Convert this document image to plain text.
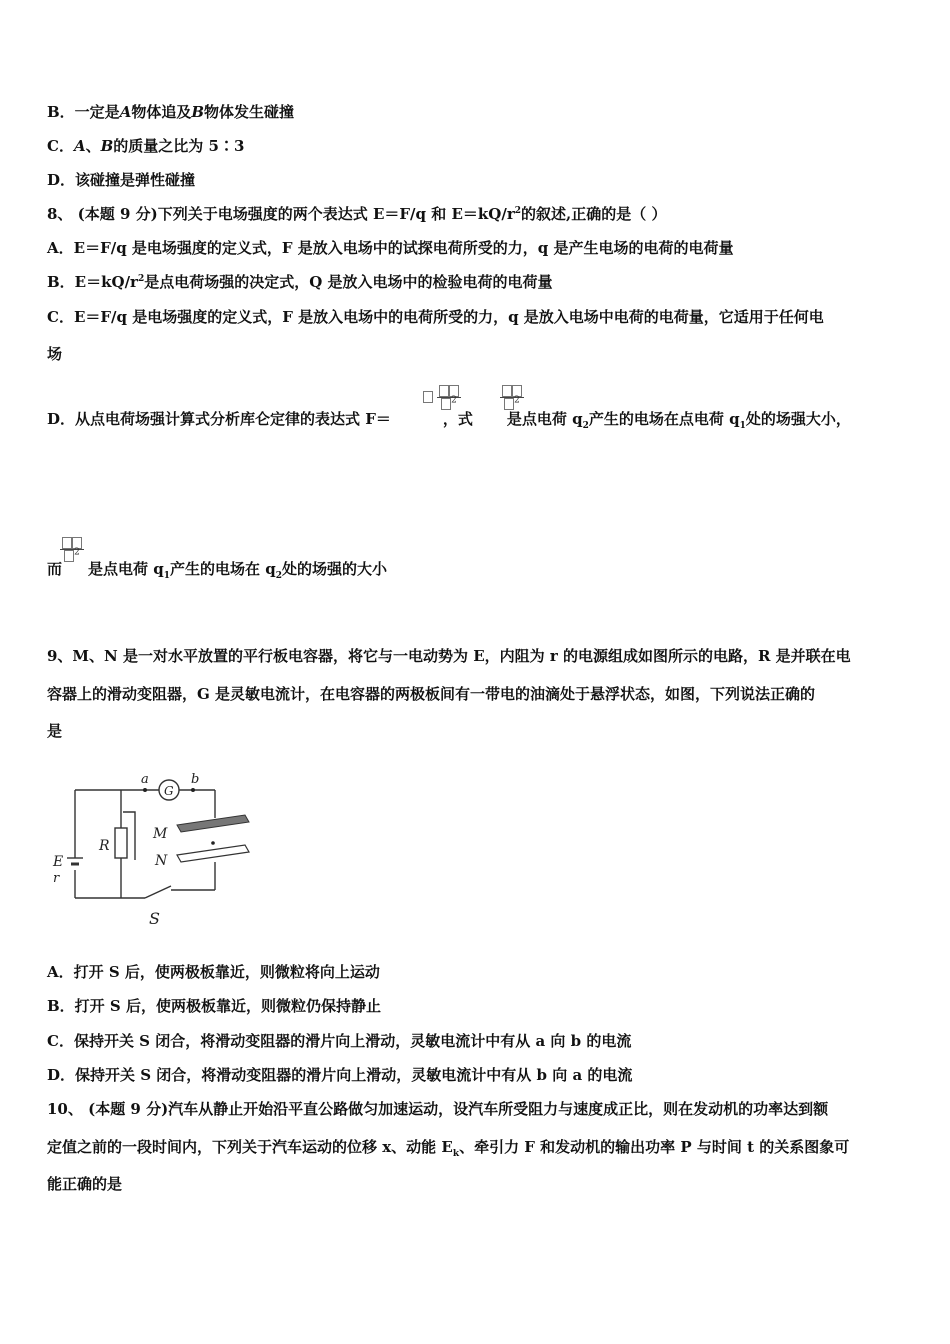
B．一定是A物体追及B物体发生碰撞
C．A、B的质量之比为 5∶3
D．该碰撞是弹性碰撞
8、 (本题 9 分)下列关于电场强度的两个表达式 E＝F/q 和 $E=kQ/r^2$的叙述,正确的是（ ）
A．E＝F/q 是电场强度的定义式，F 是放入电场中的试探电荷所受的力，q 是产生电场的电荷的电荷量
B．$E=kQ/r^2$是点电荷场强的决定式，Q 是放入电场中的检验电荷的电荷量
C．E＝F/q 是电场强度的定义式，F 是放入电场中的电荷所受的力，q 是放入电场中电荷的电荷量，它适用于任何电
场
$^2$	$^2$
D．从点电荷场强计算式分析库仑定律的表达式 F＝	，式 是点电荷 $q_2$产生的电场在点电荷 $q_1$处的场强大小，
$^2$
而 是点电荷 $q_1$产生的电场在 $q_2$处的场强的大小
9、M、N 是一对水平放置的平行板电容器，将它与一电动势为 E，内阻为 r 的电源组成如图所示的电路，R 是并联在电
容器上的滑动变阻器，G 是灵敏电流计，在电容器的两极板间有一带电的油滴处于悬浮状态，如图，下列说法正确的
是
a
G
b
M
N
R
E
r
S
A．打开 S 后，使两极板靠近，则微粒将向上运动
B．打开 S 后，使两极板靠近，则微粒仍保持静止
C．保持开关 S 闭合，将滑动变阻器的滑片向上滑动，灵敏电流计中有从 a 向 b 的电流
D．保持开关 S 闭合，将滑动变阻器的滑片向上滑动，灵敏电流计中有从 b 向 a 的电流
10、 (本题 9 分)汽车从静止开始沿平直公路做匀加速运动，设汽车所受阻力与速度成正比，则在发动机的功率达到额
定值之前的一段时间内，下列关于汽车运动的位移 x、动能 $E_k$、牵引力 F 和发动机的输出功率 P 与时间 t 的关系图象可
能正确的是
